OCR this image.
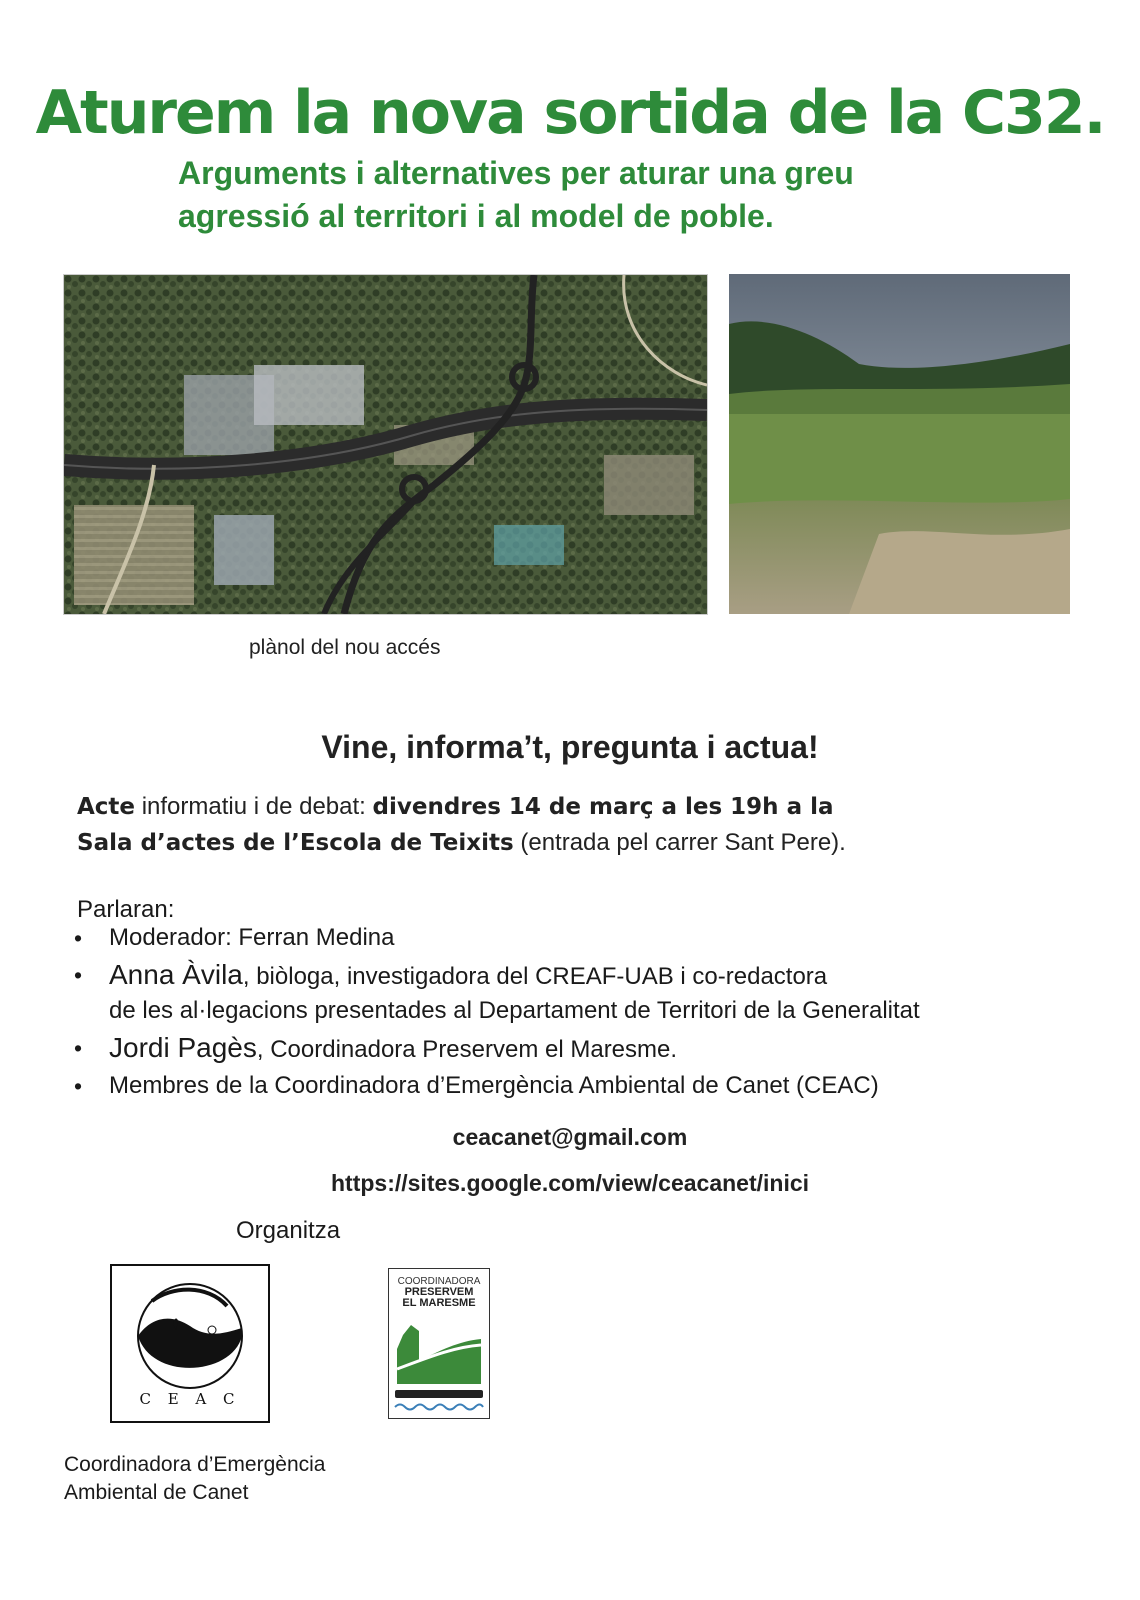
Aturem la nova sortida de la C32.
Arguments i alternatives per aturar una greu
agressió al territori i al model de poble.
plànol del nou accés
Vine, informa’t, pregunta i actua!
Acte informatiu i de debat: divendres 14 de març a les 19h a la
Sala d’actes de l’Escola de Teixits (entrada pel carrer Sant Pere).
Parlaran:
• Moderador: Ferran Medina
• Anna Àvila, biòloga, investigadora del CREAF-UAB i co-redactora
de les al·legacions presentades al Departament de Territori de la Generalitat
• Jordi Pagès, Coordinadora Preservem el Maresme.
• Membres de la Coordinadora d’Emergència Ambiental de Canet (CEAC)
ceacanet@gmail.com
https://sites.google.com/view/ceacanet/inici
Organitza
C E A C
COORDINADORA
PRESERVEM
EL MARESME
Coordinadora d’Emergència
Ambiental de Canet
